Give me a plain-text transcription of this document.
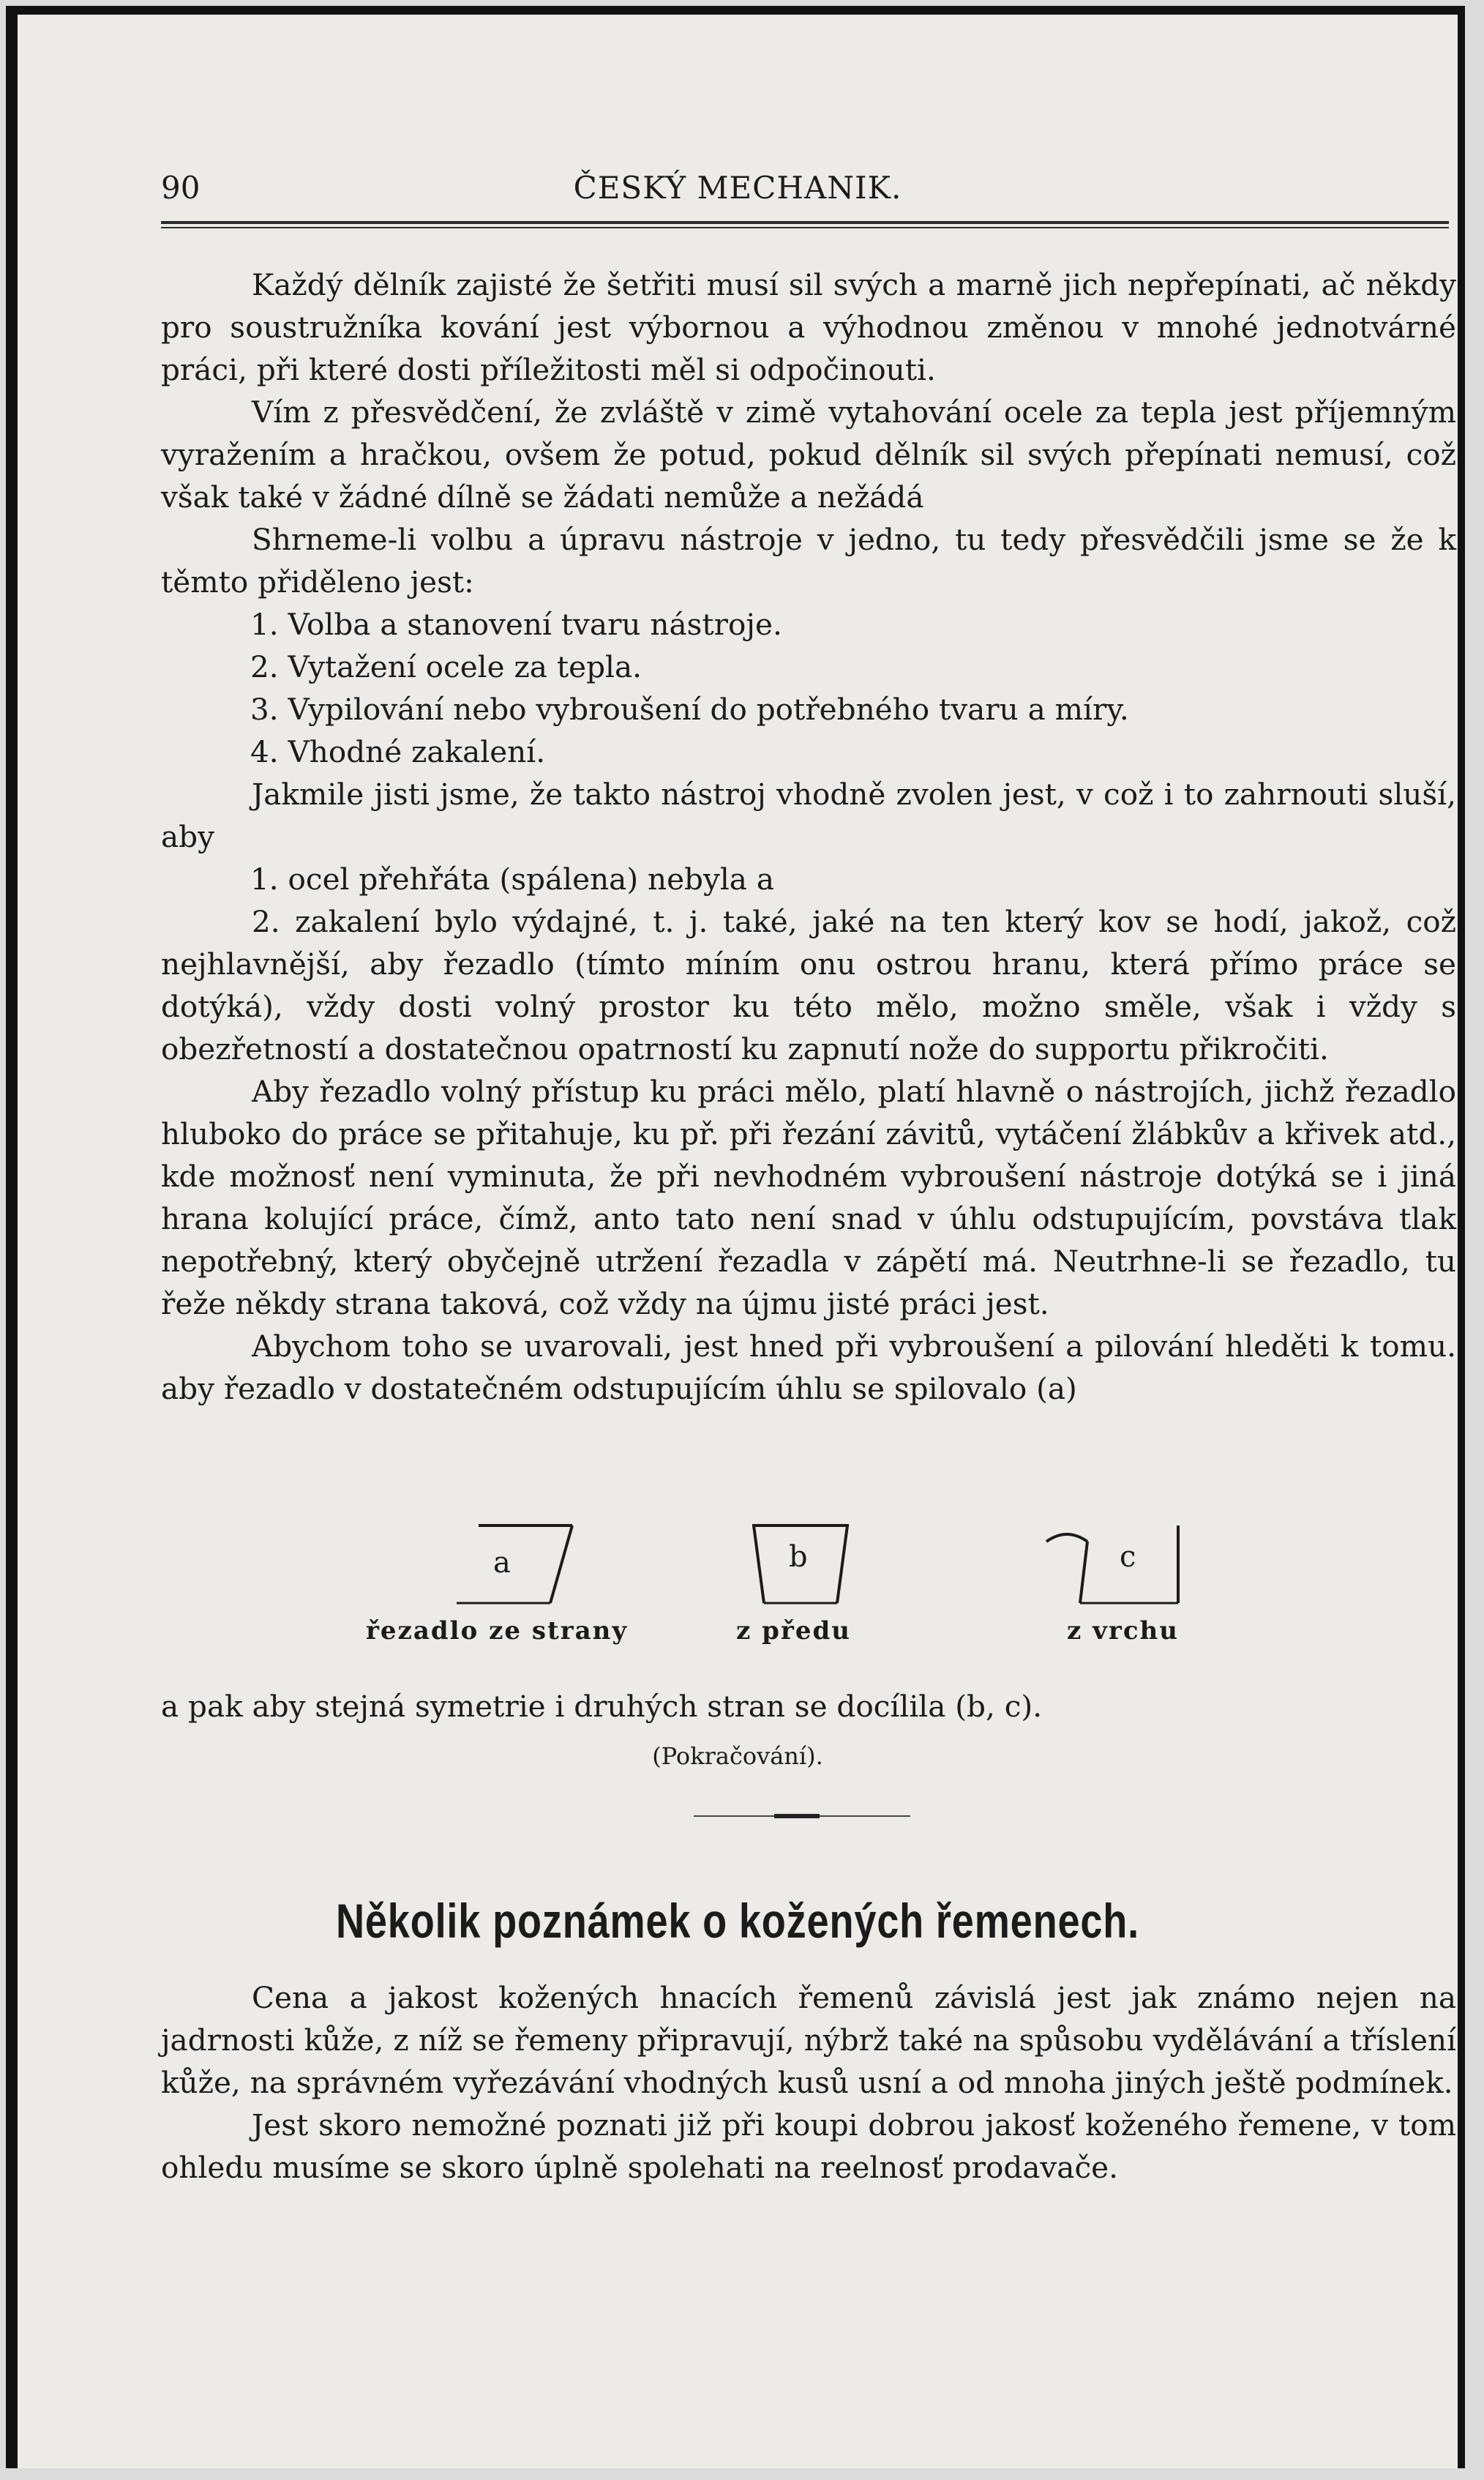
90	ČESKÝ MECHANIK.

Každý dělník zajisté že šetřiti musí sil svých a marně jich nepřepínati, ač někdy pro soustružníka kování jest výbornou a výhodnou změnou v mnohé jednotvárné práci, při které dosti příležitosti měl si odpočinouti.

Vím z přesvědčení, že zvláště v zimě vytahování ocele za tepla jest příjemným vyražením a hračkou, ovšem že potud, pokud dělník sil svých přepínati nemusí, což však také v žádné dílně se žádati nemůže a nežádá

Shrneme-li volbu a úpravu nástroje v jedno, tu tedy přesvědčili jsme se že k těmto přiděleno jest:

1. Volba a stanovení tvaru nástroje.
2. Vytažení ocele za tepla.
3. Vypilování nebo vybroušení do potřebného tvaru a míry.
4. Vhodné zakalení.

Jakmile jisti jsme, že takto nástroj vhodně zvolen jest, v což i to zahrnouti sluší, aby

1. ocel přehřáta (spálena) nebyla a

2. zakalení bylo výdajné, t. j. také, jaké na ten který kov se hodí, jakož, což nejhlavnější, aby řezadlo (tímto míním onu ostrou hranu, která přímo práce se dotýká), vždy dosti volný prostor ku této mělo, možno směle, však i vždy s obezřetností a dostatečnou opatrností ku zapnutí nože do supportu přikročiti.

Aby řezadlo volný přístup ku práci mělo, platí hlavně o nástrojích, jichž řezadlo hluboko do práce se přitahuje, ku př. při řezání závitů, vytáčení žlábkův a křivek atd., kde možnosť není vyminuta, že při nevhodném vybroušení nástroje dotýká se i jiná hrana kolující práce, čímž, anto tato není snad v úhlu odstupujícím, povstáva tlak nepotřebný, který obyčejně utržení řezadla v zápětí má. Neutrhne-li se řezadlo, tu řeže někdy strana taková, což vždy na újmu jisté práci jest.

Abychom toho se uvarovali, jest hned při vybroušení a pilování hleděti k tomu. aby řezadlo v dostatečném odstupujícím úhlu se spilovalo (a)

a
řezadlo ze strany
b
z předu
c
z vrchu
a pak aby stejná symetrie i druhých stran se docílila (b, c).
(Pokračování).
Několik poznámek o kožených řemenech.

Cena a jakost kožených hnacích řemenů závislá jest jak známo nejen na jadrnosti kůže, z níž se řemeny připravují, nýbrž také na spůsobu vydělávání a tříslení kůže, na správném vyřezávání vhodných kusů usní a od mnoha jiných ještě podmínek.

Jest skoro nemožné poznati již při koupi dobrou jakosť koženého řemene, v tom ohledu musíme se skoro úplně spolehati na reelnosť prodavače.
